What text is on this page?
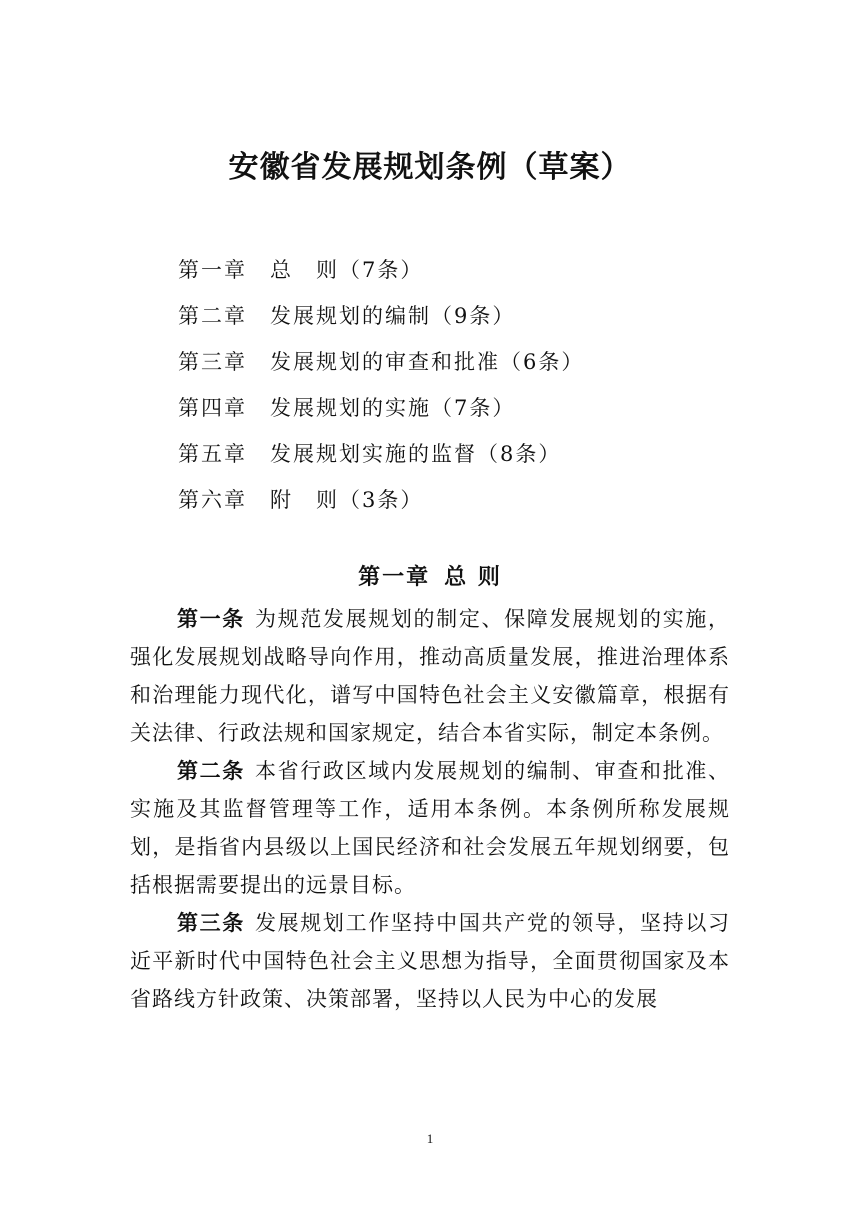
安徽省发展规划条例（草案）
第一章 总　则（7条）
第二章 发展规划的编制（9条）
第三章 发展规划的审查和批准（6条）
第四章 发展规划的实施（7条）
第五章 发展规划实施的监督（8条）
第六章 附　则（3条）
第一章 总 则

第一条 为规范发展规划的制定、保障发展规划的实施，强化发展规划战略导向作用，推动高质量发展，推进治理体系和治理能力现代化，谱写中国特色社会主义安徽篇章，根据有关法律、行政法规和国家规定，结合本省实际，制定本条例。

第二条 本省行政区域内发展规划的编制、审查和批准、实施及其监督管理等工作，适用本条例。本条例所称发展规划，是指省内县级以上国民经济和社会发展五年规划纲要，包括根据需要提出的远景目标。

第三条 发展规划工作坚持中国共产党的领导，坚持以习近平新时代中国特色社会主义思想为指导，全面贯彻国家及本省路线方针政策、决策部署，坚持以人民为中心的发展

1
